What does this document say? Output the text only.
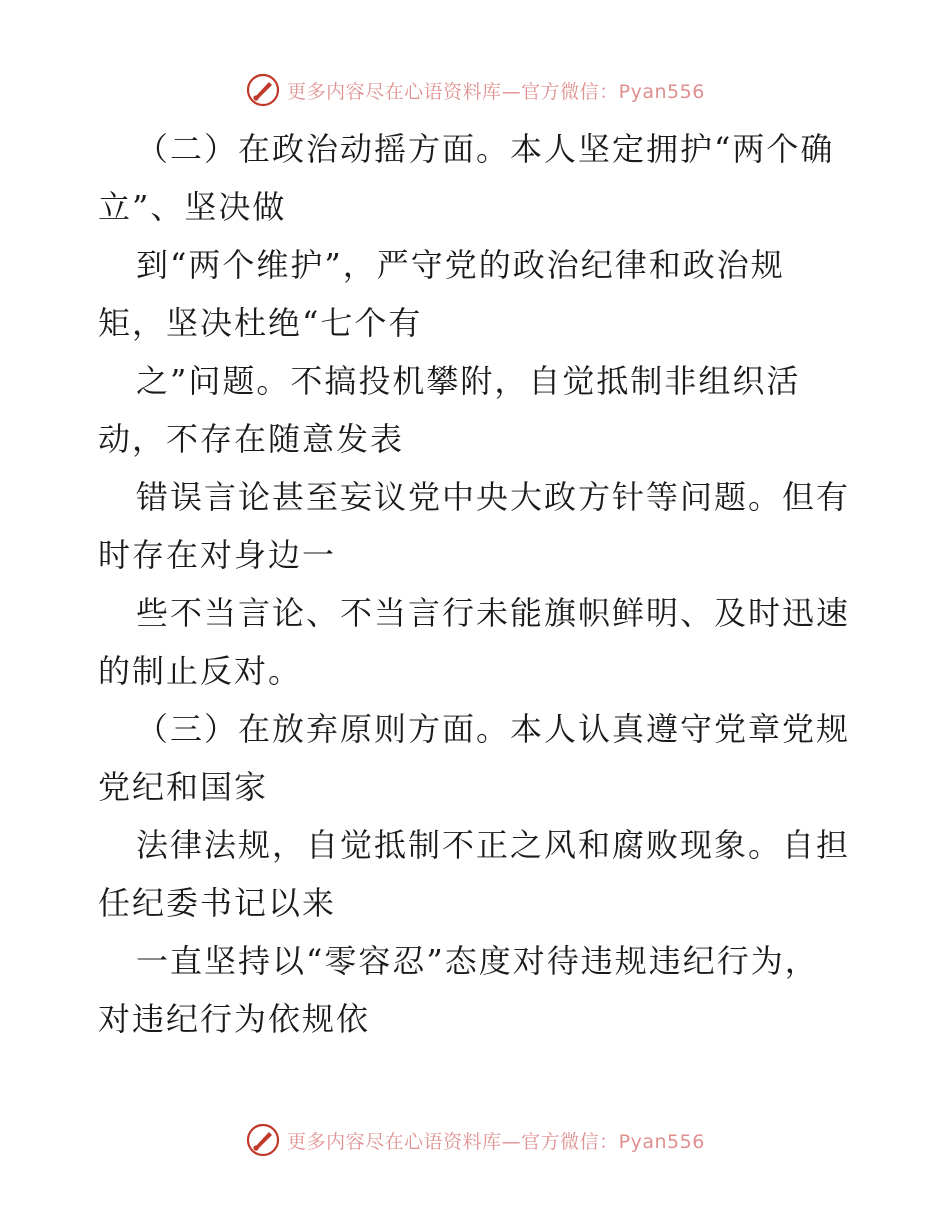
更多内容尽在心语资料库—官方微信：Pyan556
（二）在政治动摇方面。本人坚定拥护“两个确
立”、坚决做
到“两个维护”，严守党的政治纪律和政治规
矩，坚决杜绝“七个有
之”问题。不搞投机攀附，自觉抵制非组织活
动，不存在随意发表
错误言论甚至妄议党中央大政方针等问题。但有
时存在对身边一
些不当言论、不当言行未能旗帜鲜明、及时迅速
的制止反对。
（三）在放弃原则方面。本人认真遵守党章党规
党纪和国家
法律法规，自觉抵制不正之风和腐败现象。自担
任纪委书记以来
一直坚持以“零容忍”态度对待违规违纪行为，
对违纪行为依规依
更多内容尽在心语资料库—官方微信：Pyan556
